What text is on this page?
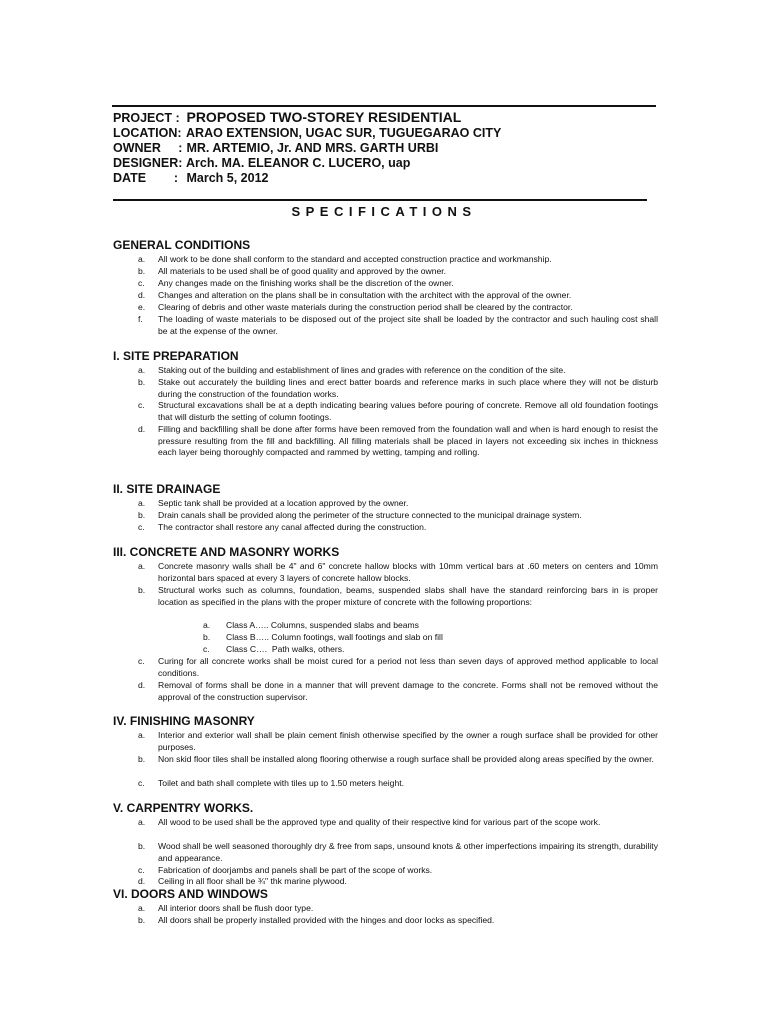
PROJECT : PROPOSED TWO-STOREY RESIDENTIAL
LOCATION: ARAO EXTENSION, UGAC SUR, TUGUEGARAO CITY
OWNER     : MR. ARTEMIO, Jr. AND MRS. GARTH URBI
DESIGNER: Arch. MA. ELEANOR C. LUCERO, uap
DATE        : March 5, 2012
SPECIFICATIONS
GENERAL CONDITIONS
a. All work to be done shall conform to the standard and accepted construction practice and workmanship.
b. All materials to be used shall be of good quality and approved by the owner.
c. Any changes made on the finishing works shall be the discretion of the owner.
d. Changes and alteration on the plans shall be in consultation with the architect with the approval of the owner.
e. Clearing of debris and other waste materials during the construction period shall be cleared by the contractor.
f. The loading of waste materials to be disposed out of the project site shall be loaded by the contractor and such hauling cost shall be at the expense of the owner.
I. SITE PREPARATION
a. Staking out of the building and establishment of lines and grades with reference on the condition of the site.
b. Stake out accurately the building lines and erect batter boards and reference marks in such place where they will not be disturb during the construction of the foundation works.
c. Structural excavations shall be at a depth indicating bearing values before pouring of concrete. Remove all old foundation footings that will disturb the setting of column footings.
d. Filling and backfilling shall be done after forms have been removed from the foundation wall and when is hard enough to resist the pressure resulting from the fill and backfilling. All filling materials shall be placed in layers not exceeding six inches in thickness each layer being thoroughly compacted and rammed by wetting, tamping and rolling.
II. SITE DRAINAGE
a. Septic tank shall be provided at a location approved by the owner.
b. Drain canals shall be provided along the perimeter of the structure connected to the municipal drainage system.
c. The contractor shall restore any canal affected during the construction.
III. CONCRETE AND MASONRY WORKS
a. Concrete masonry walls shall be 4" and 6" concrete hallow blocks with 10mm vertical bars at .60 meters on centers and 10mm horizontal bars spaced at every 3 layers of concrete hallow blocks.
b. Structural works such as columns, foundation, beams, suspended slabs shall have the standard reinforcing bars in is proper location as specified in the plans with the proper mixture of concrete with the following proportions:
a. Class A….. Columns, suspended slabs and beams
b. Class B….. Column footings, wall footings and slab on fill
c. Class C….  Path walks, others.
c. Curing for all concrete works shall be moist cured for a period not less than seven days of approved method applicable to local conditions.
d. Removal of forms shall be done in a manner that will prevent damage to the concrete. Forms shall not be removed without the approval of the construction supervisor.
IV. FINISHING MASONRY
a. Interior and exterior wall shall be plain cement finish otherwise specified by the owner a rough surface shall be provided for other purposes.
b. Non skid floor tiles shall be installed along flooring otherwise a rough surface shall be provided along areas specified by the owner.
c. Toilet and bath shall complete with tiles up to 1.50 meters height.
V. CARPENTRY WORKS.
a. All wood to be used shall be the approved type and quality of their respective kind for various part of the scope work.
b. Wood shall be well seasoned thoroughly dry & free from saps, unsound knots & other imperfections impairing its strength, durability and appearance.
c. Fabrication of doorjambs and panels shall be part of the scope of works.
d. Ceiling in all floor shall be ¾" thk marine plywood.
VI. DOORS AND WINDOWS
a. All interior doors shall be flush door type.
b. All doors shall be properly installed provided with the hinges and door locks as specified.
